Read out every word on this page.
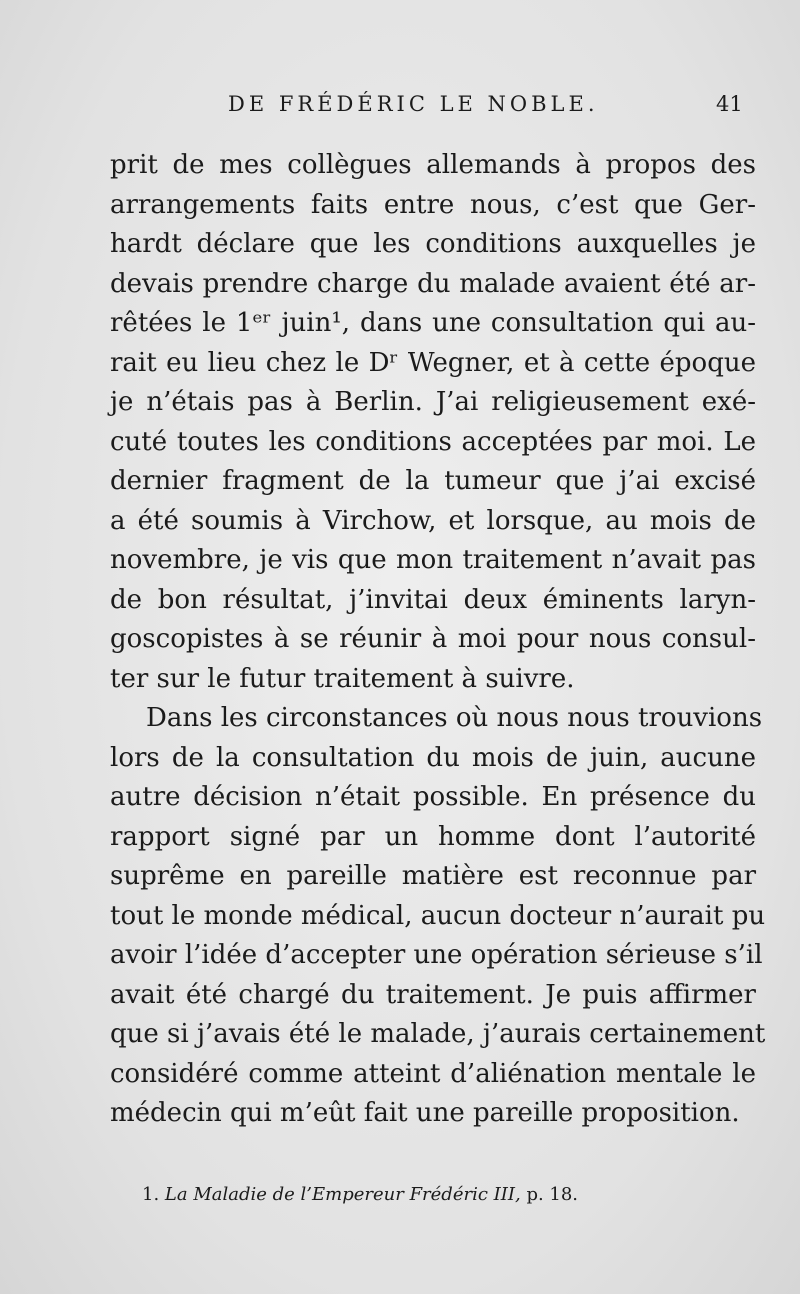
DE FRÉDÉRIC LE NOBLE.	41
prit de mes collègues allemands à propos des
arrangements faits entre nous, c’est que Ger-
hardt déclare que les conditions auxquelles je
devais prendre charge du malade avaient été ar-
rêtées le 1ᵉʳ juin¹, dans une consultation qui au-
rait eu lieu chez le Dʳ Wegner, et à cette époque
je n’étais pas à Berlin. J’ai religieusement exé-
cuté toutes les conditions acceptées par moi. Le
dernier fragment de la tumeur que j’ai excisé
a été soumis à Virchow, et lorsque, au mois de
novembre, je vis que mon traitement n’avait pas
de bon résultat, j’invitai deux éminents laryn-
goscopistes à se réunir à moi pour nous consul-
ter sur le futur traitement à suivre.
Dans les circonstances où nous nous trouvions
lors de la consultation du mois de juin, aucune
autre décision n’était possible. En présence du
rapport signé par un homme dont l’autorité
suprême en pareille matière est reconnue par
tout le monde médical, aucun docteur n’aurait pu
avoir l’idée d’accepter une opération sérieuse s’il
avait été chargé du traitement. Je puis affirmer
que si j’avais été le malade, j’aurais certainement
considéré comme atteint d’aliénation mentale le
médecin qui m’eût fait une pareille proposition.
1. La Maladie de l’Empereur Frédéric III, p. 18.
